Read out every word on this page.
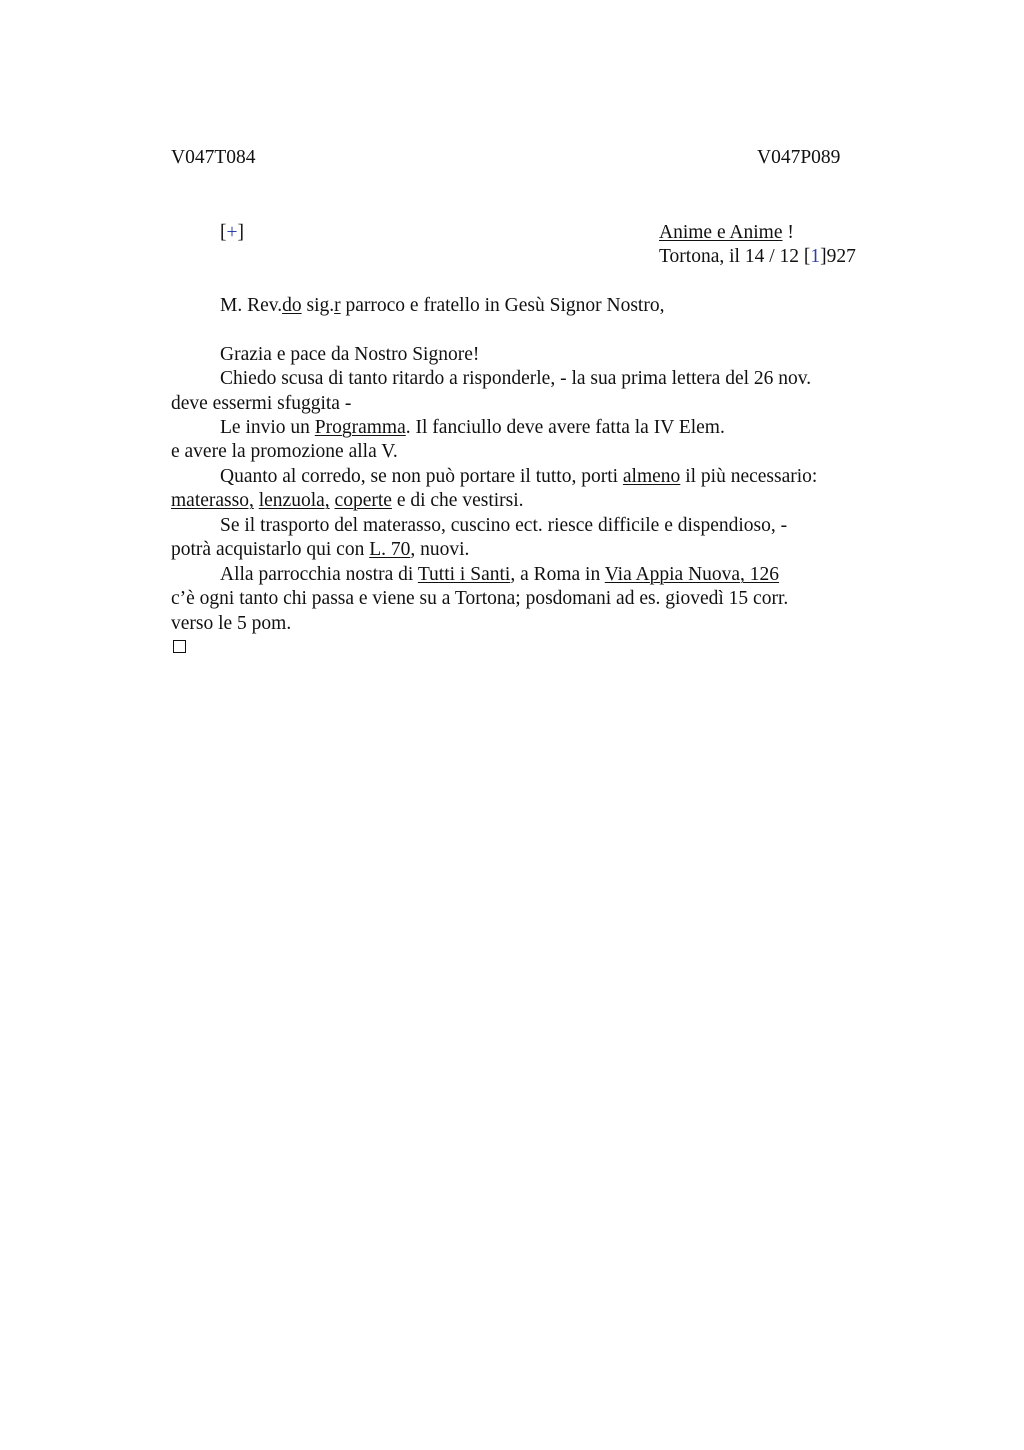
V047T084	V047P089
[+]	Anime e Anime !
Tortona, il 14 / 12 [1]927
M. Rev.do sig.r parroco e fratello in Gesù Signor Nostro,
Grazia e pace da Nostro Signore!
Chiedo scusa di tanto ritardo a risponderle, - la sua prima lettera del 26 nov.
deve essermi sfuggita -
Le invio un Programma. Il fanciullo deve avere fatta la IV Elem.
e avere la promozione alla V.
Quanto al corredo, se non può portare il tutto, porti almeno il più necessario:
materasso, lenzuola, coperte e di che vestirsi.
Se il trasporto del materasso, cuscino ect. riesce difficile e dispendioso, -
potrà acquistarlo qui con L. 70, nuovi.
Alla parrocchia nostra di Tutti i Santi, a Roma in Via Appia Nuova, 126
c’è ogni tanto chi passa e viene su a Tortona; posdomani ad es. giovedì 15 corr.
verso le 5 pom.
